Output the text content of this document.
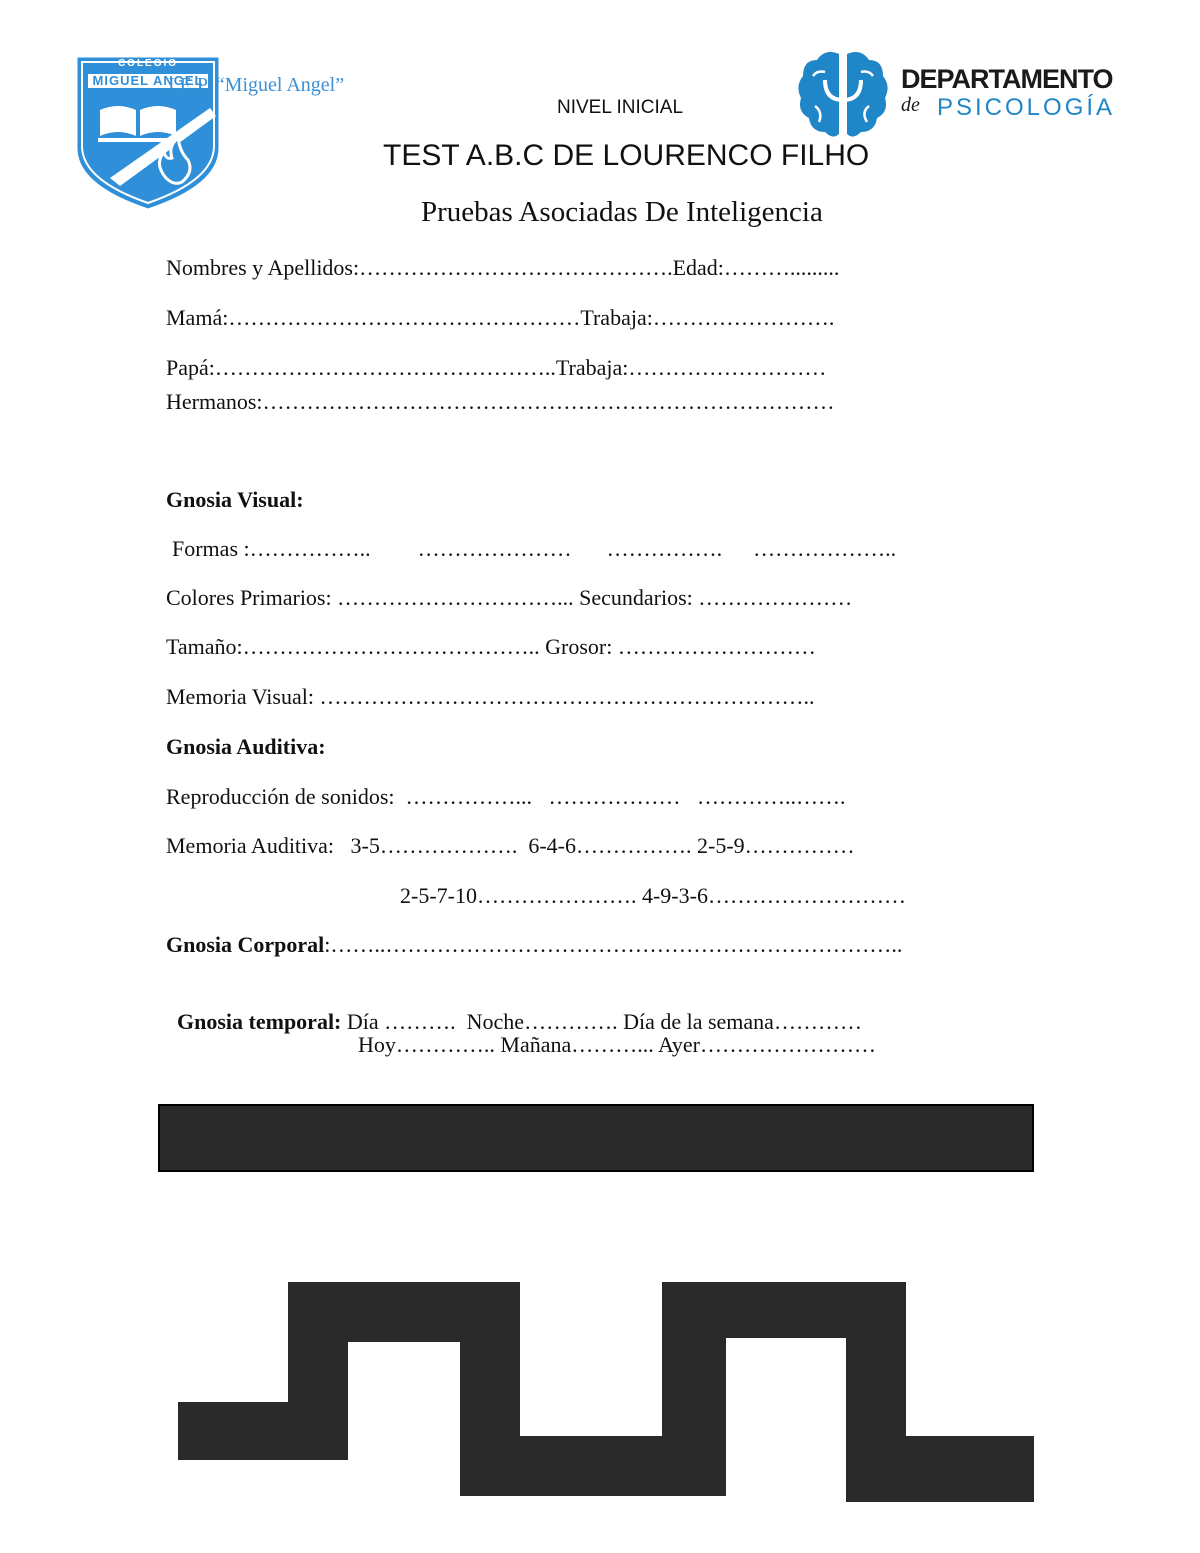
COLEGIO
MIGUEL ANGEL
I.E.P. “Miguel Angel”
NIVEL INICIAL
DEPARTAMENTO
de PSICOLOGÍA
TEST A.B.C DE LOURENCO FILHO
Pruebas Asociadas De Inteligencia
Nombres y Apellidos:…………………………………….Edad:……….........
Mamá:…………………………………………Trabaja:…………………….
Papá:………………………………………..Trabaja:………………………
Hermanos:……………………………………………………………………
Gnosia Visual:
Formas :…………….. ………………… ……………. ………………..
Colores Primarios: …………………………... Secundarios: …………………
Tamaño:………………………………….. Grosor: ………………………
Memoria Visual: …………………………………………………………..
Gnosia Auditiva:
Reproducción de sonidos:  ……………...   ………………   …………..…….
Memoria Auditiva:   3-5……………….  6-4-6……………. 2-5-9……………
2-5-7-10…………………. 4-9-3-6………………………
Gnosia Corporal:……..……………………………………………………………..

Gnosia temporal: Día ……….  Noche…………. Día de la semana…………

Hoy………….. Mañana………... Ayer……………………
